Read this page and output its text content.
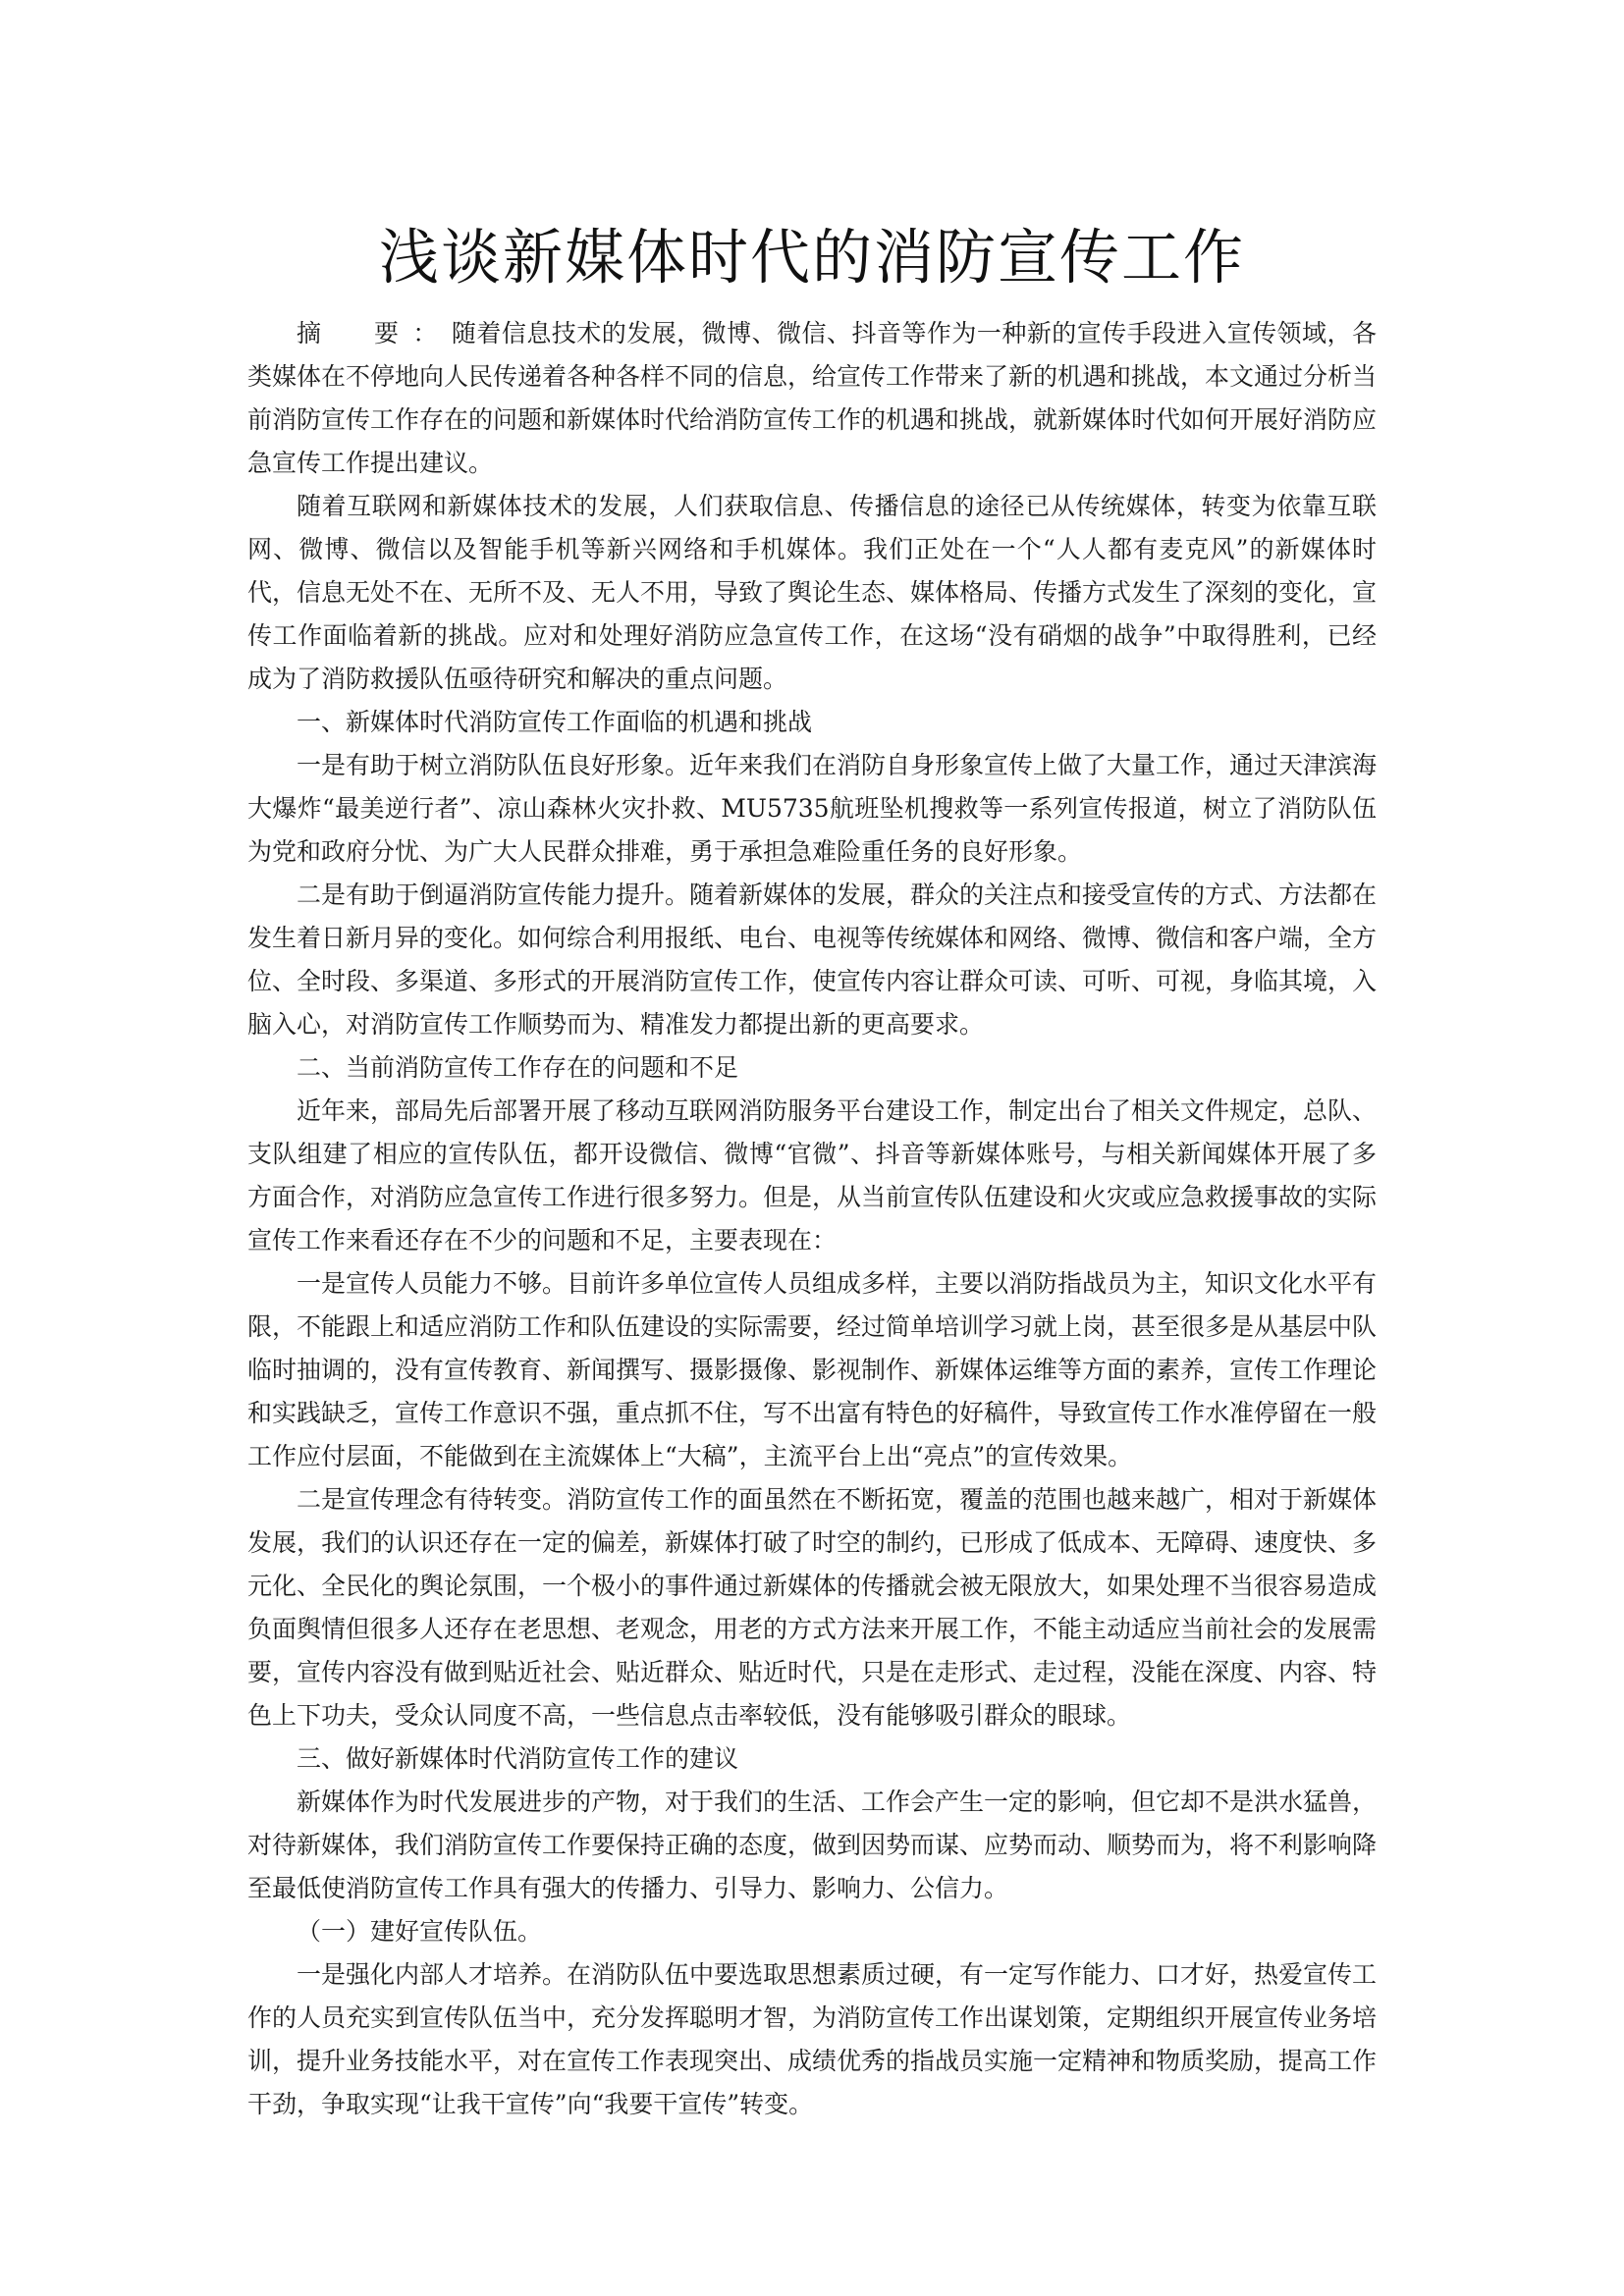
浅谈新媒体时代的消防宣传工作

摘　要：随着信息技术的发展，微博、微信、抖音等作为一种新的宣传手段进入宣传领域，各类媒体在不停地向人民传递着各种各样不同的信息，给宣传工作带来了新的机遇和挑战，本文通过分析当前消防宣传工作存在的问题和新媒体时代给消防宣传工作的机遇和挑战，就新媒体时代如何开展好消防应急宣传工作提出建议。

随着互联网和新媒体技术的发展，人们获取信息、传播信息的途径已从传统媒体，转变为依靠互联网、微博、微信以及智能手机等新兴网络和手机媒体。我们正处在一个“人人都有麦克风”的新媒体时代，信息无处不在、无所不及、无人不用，导致了舆论生态、媒体格局、传播方式发生了深刻的变化，宣传工作面临着新的挑战。应对和处理好消防应急宣传工作，在这场“没有硝烟的战争”中取得胜利，已经成为了消防救援队伍亟待研究和解决的重点问题。

一、新媒体时代消防宣传工作面临的机遇和挑战

一是有助于树立消防队伍良好形象。近年来我们在消防自身形象宣传上做了大量工作，通过天津滨海大爆炸“最美逆行者”、凉山森林火灾扑救、MU5735航班坠机搜救等一系列宣传报道，树立了消防队伍为党和政府分忧、为广大人民群众排难，勇于承担急难险重任务的良好形象。

二是有助于倒逼消防宣传能力提升。随着新媒体的发展，群众的关注点和接受宣传的方式、方法都在发生着日新月异的变化。如何综合利用报纸、电台、电视等传统媒体和网络、微博、微信和客户端，全方位、全时段、多渠道、多形式的开展消防宣传工作，使宣传内容让群众可读、可听、可视，身临其境，入脑入心，对消防宣传工作顺势而为、精准发力都提出新的更高要求。

二、当前消防宣传工作存在的问题和不足

近年来，部局先后部署开展了移动互联网消防服务平台建设工作，制定出台了相关文件规定，总队、支队组建了相应的宣传队伍，都开设微信、微博“官微”、抖音等新媒体账号，与相关新闻媒体开展了多方面合作，对消防应急宣传工作进行很多努力。但是，从当前宣传队伍建设和火灾或应急救援事故的实际宣传工作来看还存在不少的问题和不足，主要表现在：

一是宣传人员能力不够。目前许多单位宣传人员组成多样，主要以消防指战员为主，知识文化水平有限，不能跟上和适应消防工作和队伍建设的实际需要，经过简单培训学习就上岗，甚至很多是从基层中队临时抽调的，没有宣传教育、新闻撰写、摄影摄像、影视制作、新媒体运维等方面的素养，宣传工作理论和实践缺乏，宣传工作意识不强，重点抓不住，写不出富有特色的好稿件，导致宣传工作水准停留在一般工作应付层面，不能做到在主流媒体上“大稿”，主流平台上出“亮点”的宣传效果。

二是宣传理念有待转变。消防宣传工作的面虽然在不断拓宽，覆盖的范围也越来越广，相对于新媒体发展，我们的认识还存在一定的偏差，新媒体打破了时空的制约，已形成了低成本、无障碍、速度快、多元化、全民化的舆论氛围，一个极小的事件通过新媒体的传播就会被无限放大，如果处理不当很容易造成负面舆情但很多人还存在老思想、老观念，用老的方式方法来开展工作，不能主动适应当前社会的发展需要，宣传内容没有做到贴近社会、贴近群众、贴近时代，只是在走形式、走过程，没能在深度、内容、特色上下功夫，受众认同度不高，一些信息点击率较低，没有能够吸引群众的眼球。

三、做好新媒体时代消防宣传工作的建议

新媒体作为时代发展进步的产物，对于我们的生活、工作会产生一定的影响，但它却不是洪水猛兽，对待新媒体，我们消防宣传工作要保持正确的态度，做到因势而谋、应势而动、顺势而为，将不利影响降至最低使消防宣传工作具有强大的传播力、引导力、影响力、公信力。

（一）建好宣传队伍。

一是强化内部人才培养。在消防队伍中要选取思想素质过硬，有一定写作能力、口才好，热爱宣传工作的人员充实到宣传队伍当中，充分发挥聪明才智，为消防宣传工作出谋划策，定期组织开展宣传业务培训，提升业务技能水平，对在宣传工作表现突出、成绩优秀的指战员实施一定精神和物质奖励，提高工作干劲，争取实现“让我干宣传”向“我要干宣传”转变。
